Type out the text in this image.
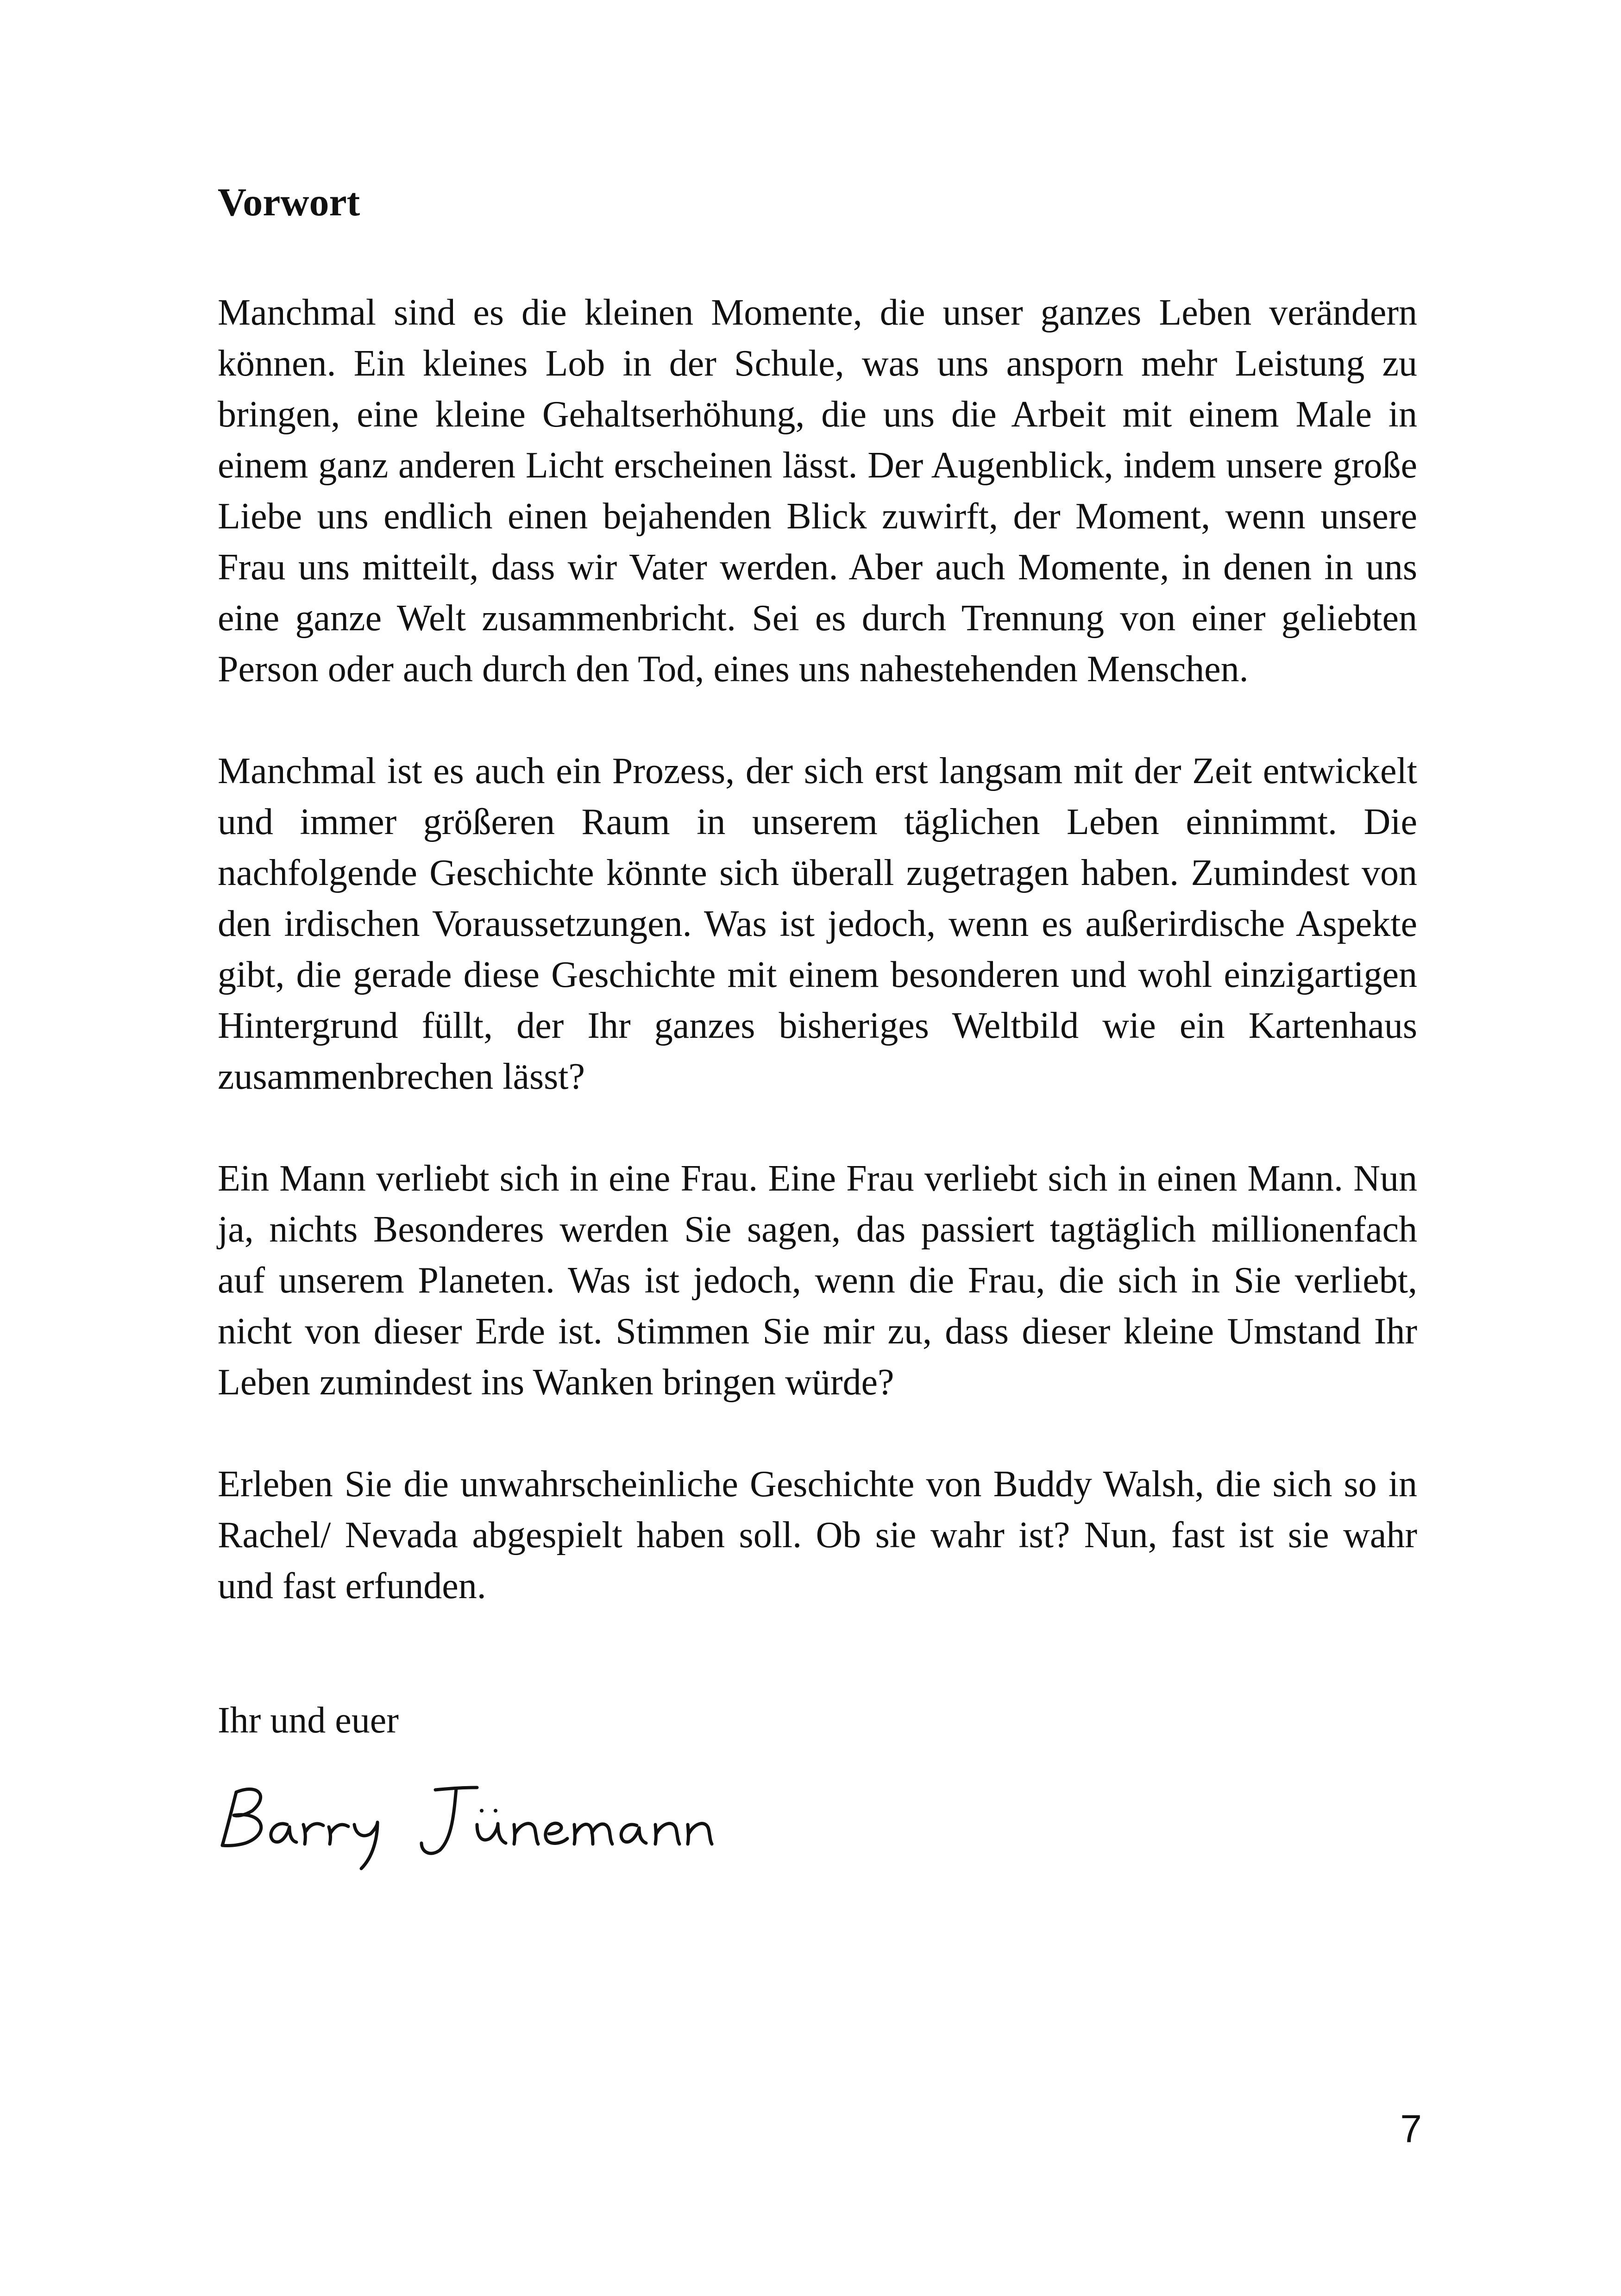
Vorwort

Manchmal sind es die kleinen Momente, die unser ganzes Leben verändern können. Ein kleines Lob in der Schule, was uns ansporn mehr Leistung zu bringen, eine kleine Gehaltserhöhung, die uns die Arbeit mit einem Male in einem ganz anderen Licht erscheinen lässt. Der Augenblick, indem unsere große Liebe uns endlich einen bejahenden Blick zuwirft, der Moment, wenn unsere Frau uns mitteilt, dass wir Vater werden. Aber auch Momente, in denen in uns eine ganze Welt zusammenbricht. Sei es durch Trennung von einer geliebten Person oder auch durch den Tod, eines uns nahestehenden Menschen.

Manchmal ist es auch ein Prozess, der sich erst langsam mit der Zeit entwickelt und immer größeren Raum in unserem täglichen Leben einnimmt. Die nachfolgende Geschichte könnte sich überall zugetragen haben. Zumindest von den irdischen Voraussetzungen. Was ist jedoch, wenn es außerirdische Aspekte gibt, die gerade diese Geschichte mit einem besonderen und wohl einzigartigen Hintergrund füllt, der Ihr ganzes bisheriges Weltbild wie ein Kartenhaus zusammenbrechen lässt?

Ein Mann verliebt sich in eine Frau. Eine Frau verliebt sich in einen Mann. Nun ja, nichts Besonderes werden Sie sagen, das passiert tagtäglich millionenfach auf unserem Planeten. Was ist jedoch, wenn die Frau, die sich in Sie verliebt, nicht von dieser Erde ist. Stimmen Sie mir zu, dass dieser kleine Umstand Ihr Leben zumindest ins Wanken bringen würde?

Erleben Sie die unwahrscheinliche Geschichte von Buddy Walsh, die sich so in Rachel/ Nevada abgespielt haben soll. Ob sie wahr ist? Nun, fast ist sie wahr und fast erfunden.

Ihr und euer

7
